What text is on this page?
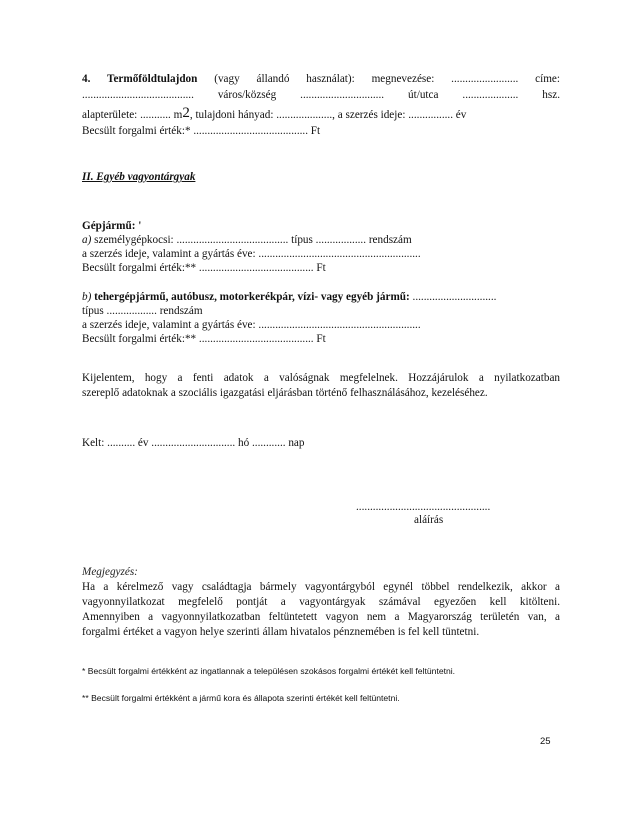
4. Termőföldtulajdon (vagy állandó használat): megnevezése: ........................ címe:
........................................ város/község .............................. út/utca .................... hsz.
alapterülete: ........... m2, tulajdoni hányad: ...................., a szerzés ideje: ................ év
Becsült forgalmi érték:* ......................................... Ft
II. Egyéb vagyontárgyak
Gépjármű: '
a) személygépkocsi: ........................................ típus .................. rendszám
a szerzés ideje, valamint a gyártás éve: ..........................................................
Becsült forgalmi érték:** ......................................... Ft
b) tehergépjármű, autóbusz, motorkerékpár, vízi- vagy egyéb jármű: ..............................
típus .................. rendszám
a szerzés ideje, valamint a gyártás éve: ..........................................................
Becsült forgalmi érték:** ......................................... Ft
Kijelentem, hogy a fenti adatok a valóságnak megfelelnek. Hozzájárulok a nyilatkozatban
szereplő adatoknak a szociális igazgatási eljárásban történő felhasználásához, kezeléséhez.
Kelt: .......... év .............................. hó ............ nap
................................................
aláírás
Megjegyzés:
Ha a kérelmező vagy családtagja bármely vagyontárgyból egynél többel rendelkezik, akkor a
vagyonnyilatkozat megfelelő pontját a vagyontárgyak számával egyezően kell kitölteni.
Amennyiben a vagyonnyilatkozatban feltüntetett vagyon nem a Magyarország területén van, a
forgalmi értéket a vagyon helye szerinti állam hivatalos pénznemében is fel kell tüntetni.
* Becsült forgalmi értékként az ingatlannak a településen szokásos forgalmi értékét kell feltüntetni.
** Becsült forgalmi értékként a jármű kora és állapota szerinti értékét kell feltüntetni.
25
